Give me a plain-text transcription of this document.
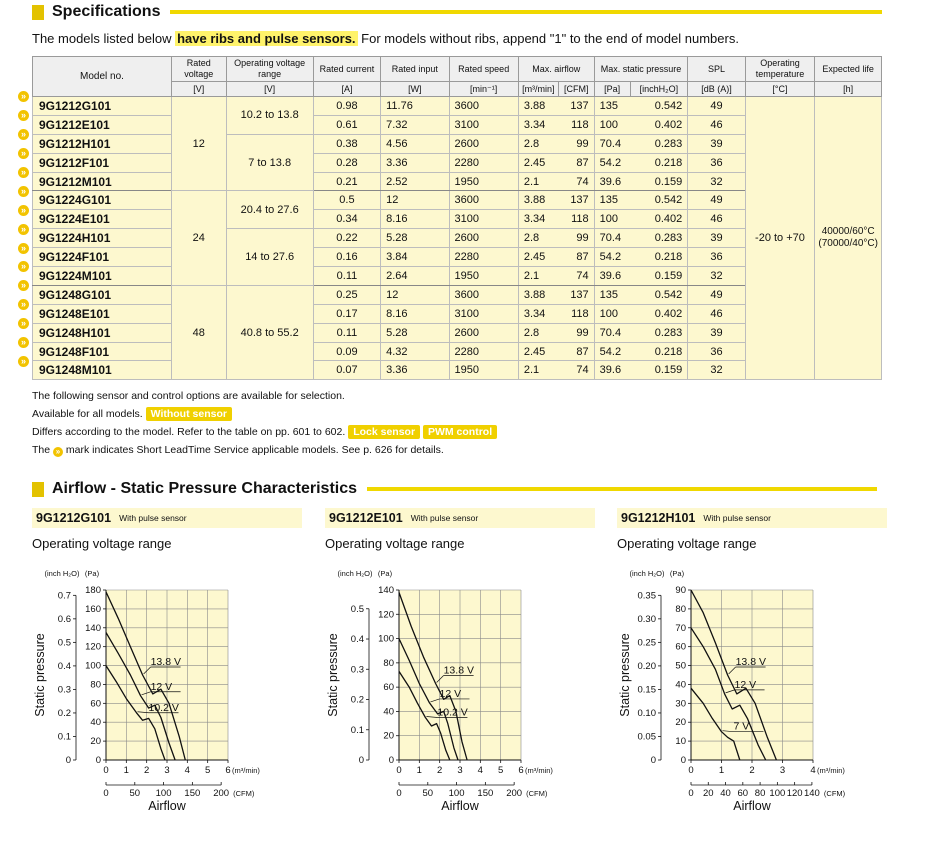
Specifications
The models listed below have ribs and pulse sensors. For models without ribs, append "1" to the end of model numbers.
»
»
»
»
»
»
»
»
»
»
»
»
»
»
»
Model no.	Rated voltage	Operating voltage range	Rated current	Rated input	Rated speed	Max. airflow		Max. static pressure		SPL	Operating temperature	Expected life
	[V]	[V]	[A]	[W]	[min⁻¹]	[m³/min]	[CFM]	[Pa]	[inchH₂O]	[dB (A)]	[°C]	[h]
9G1212G101	12	10.2 to 13.8	0.98	11.76	3600	3.88	137	135	0.542	49	-20 to +70	40000/60°C
(70000/40°C)

9G1212E101			0.61	7.32	3100	3.34	118	100	0.402	46		
9G1212H101		7 to 13.8	0.38	4.56	2600	2.8	99	70.4	0.283	39		
9G1212F101			0.28	3.36	2280	2.45	87	54.2	0.218	36		
9G1212M101			0.21	2.52	1950	2.1	74	39.6	0.159	32		
9G1224G101	24	20.4 to 27.6	0.5	12	3600	3.88	137	135	0.542	49		
9G1224E101			0.34	8.16	3100	3.34	118	100	0.402	46		
9G1224H101		14 to 27.6	0.22	5.28	2600	2.8	99	70.4	0.283	39		
9G1224F101			0.16	3.84	2280	2.45	87	54.2	0.218	36		
9G1224M101			0.11	2.64	1950	2.1	74	39.6	0.159	32		
9G1248G101	48	40.8 to 55.2	0.25	12	3600	3.88	137	135	0.542	49		
9G1248E101			0.17	8.16	3100	3.34	118	100	0.402	46		
9G1248H101			0.11	5.28	2600	2.8	99	70.4	0.283	39		
9G1248F101			0.09	4.32	2280	2.45	87	54.2	0.218	36		
9G1248M101			0.07	3.36	1950	2.1	74	39.6	0.159	32		
The following sensor and control options are available for selection.
Available for all models. Without sensor
Differs according to the model. Refer to the table on pp. 601 to 602. Lock sensor PWM control
The » mark indicates Short LeadTime Service applicable models. See p. 626 for details.
Airflow - Static Pressure Characteristics
9G1212G101 With pulse sensor
Operating voltage range
0
20
40
60
80
100
120
140
160
180
0
0.1
0.2
0.3
0.4
0.5
0.6
0.7
(inch H₂O) (Pa)
Static pressure
0 1 2 3 4 5 6 (m³/min)
0 50 100 150 200 (CFM)
Airflow
13.8 V
12 V
10.2 V
9G1212E101 With pulse sensor
Operating voltage range
0
20
40
60
80
100
120
140
0
0.1
0.2
0.3
0.4
0.5
(inch H₂O) (Pa)
Static pressure
0 1 2 3 4 5 6 (m³/min)
0 50 100 150 200 (CFM)
Airflow
13.8 V
12 V
10.2 V
9G1212H101 With pulse sensor
Operating voltage range
0
10
20
30
40
50
60
70
80
90
0
0.05
0.10
0.15
0.20
0.25
0.30
0.35
(inch H₂O) (Pa)
Static pressure
0	1	2	3	4 (m³/min)
0 20 40 60 80 100 120 140 (CFM)
Airflow
13.8 V
12 V
7 V
